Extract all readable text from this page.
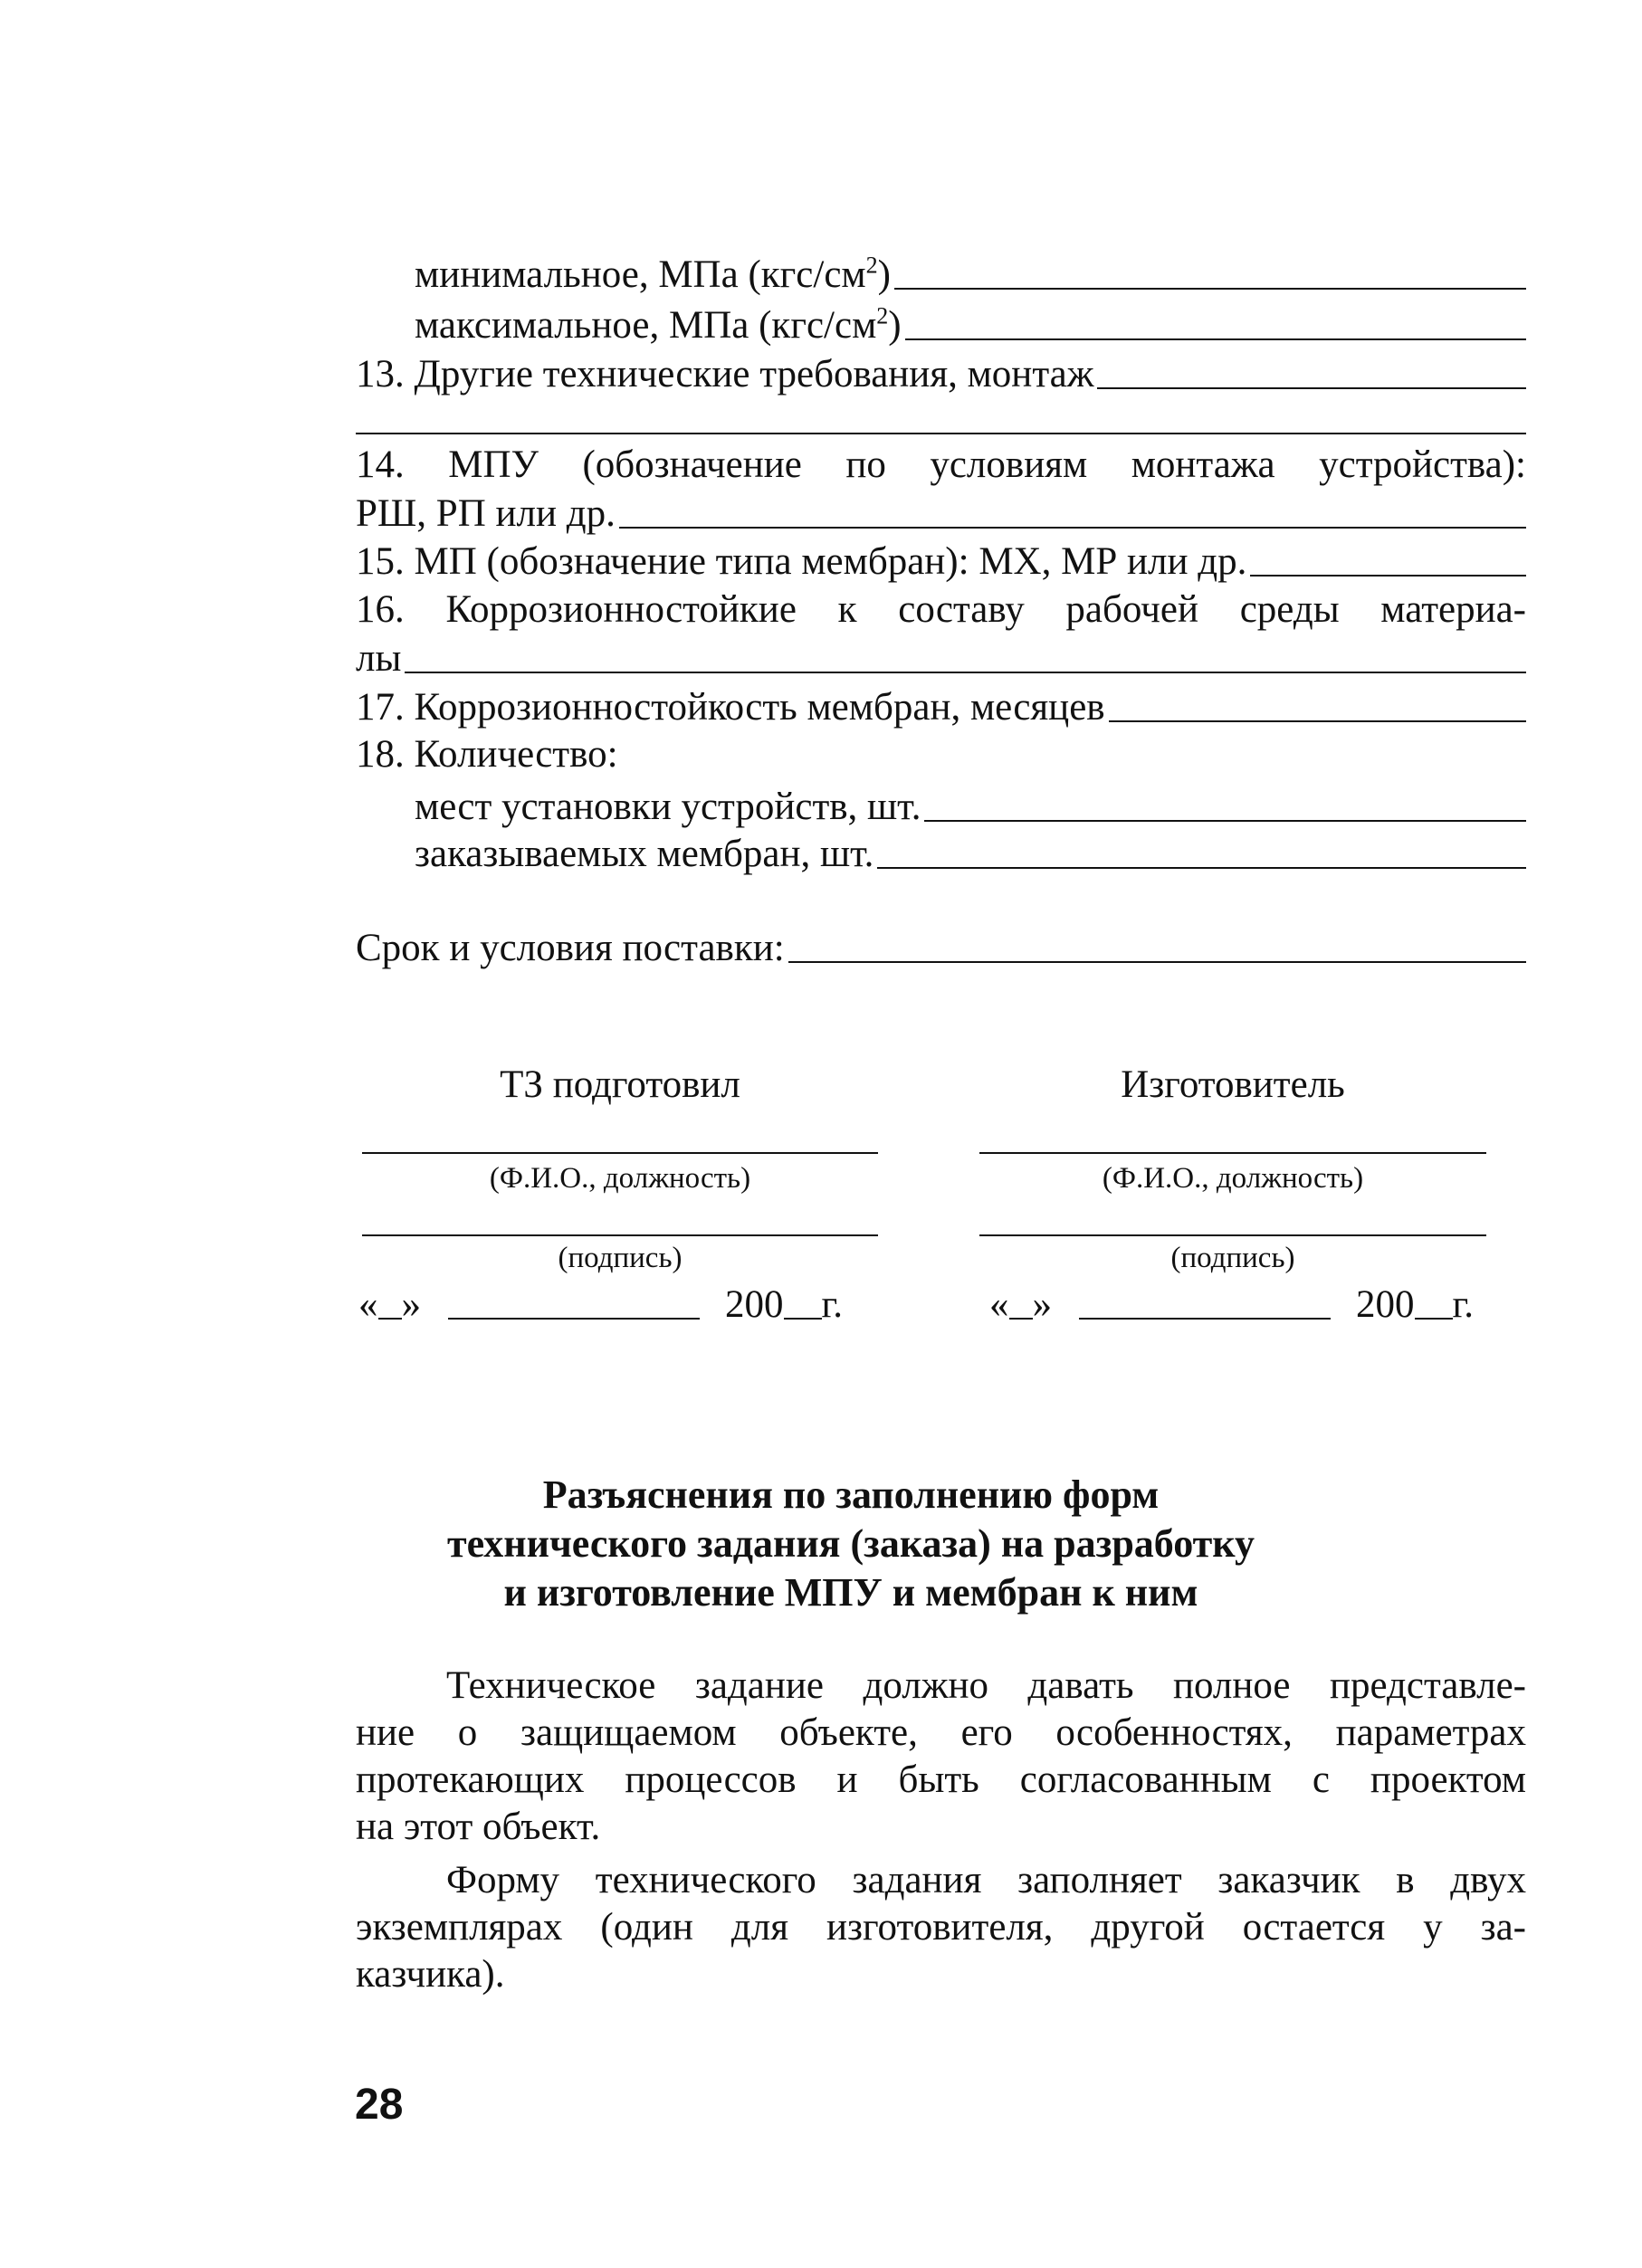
минимальное, МПа $(кгс/см^2)$
максимальное, МПа $(кгс/см^2)$
13. Другие технические требования, монтаж
14. МПУ (обозначение по условиям монтажа устройства):
РШ, РП или др.
15. МП (обозначение типа мембран): МХ, МР или др.
16. Коррозионностойкие к составу рабочей среды материа-
лы
17. Коррозионностойкость мембран, месяцев
18. Количество:
мест установки устройств, шт.
заказываемых мембран, шт.
Срок и условия поставки:
ТЗ подготовил
(Ф.И.О., должность)
(подпись)
« »	200 г.
Изготовитель
(Ф.И.О., должность)
(подпись)
« »	200 г.
Разъяснения по заполнению форм
технического задания (заказа) на разработку
и изготовление МПУ и мембран к ним
Техническое задание должно давать полное представле-
ние о защищаемом объекте, его особенностях, параметрах
протекающих процессов и быть согласованным с проектом
на этот объект.
Форму технического задания заполняет заказчик в двух
экземплярах (один для изготовителя, другой остается у за-
казчика).
28
